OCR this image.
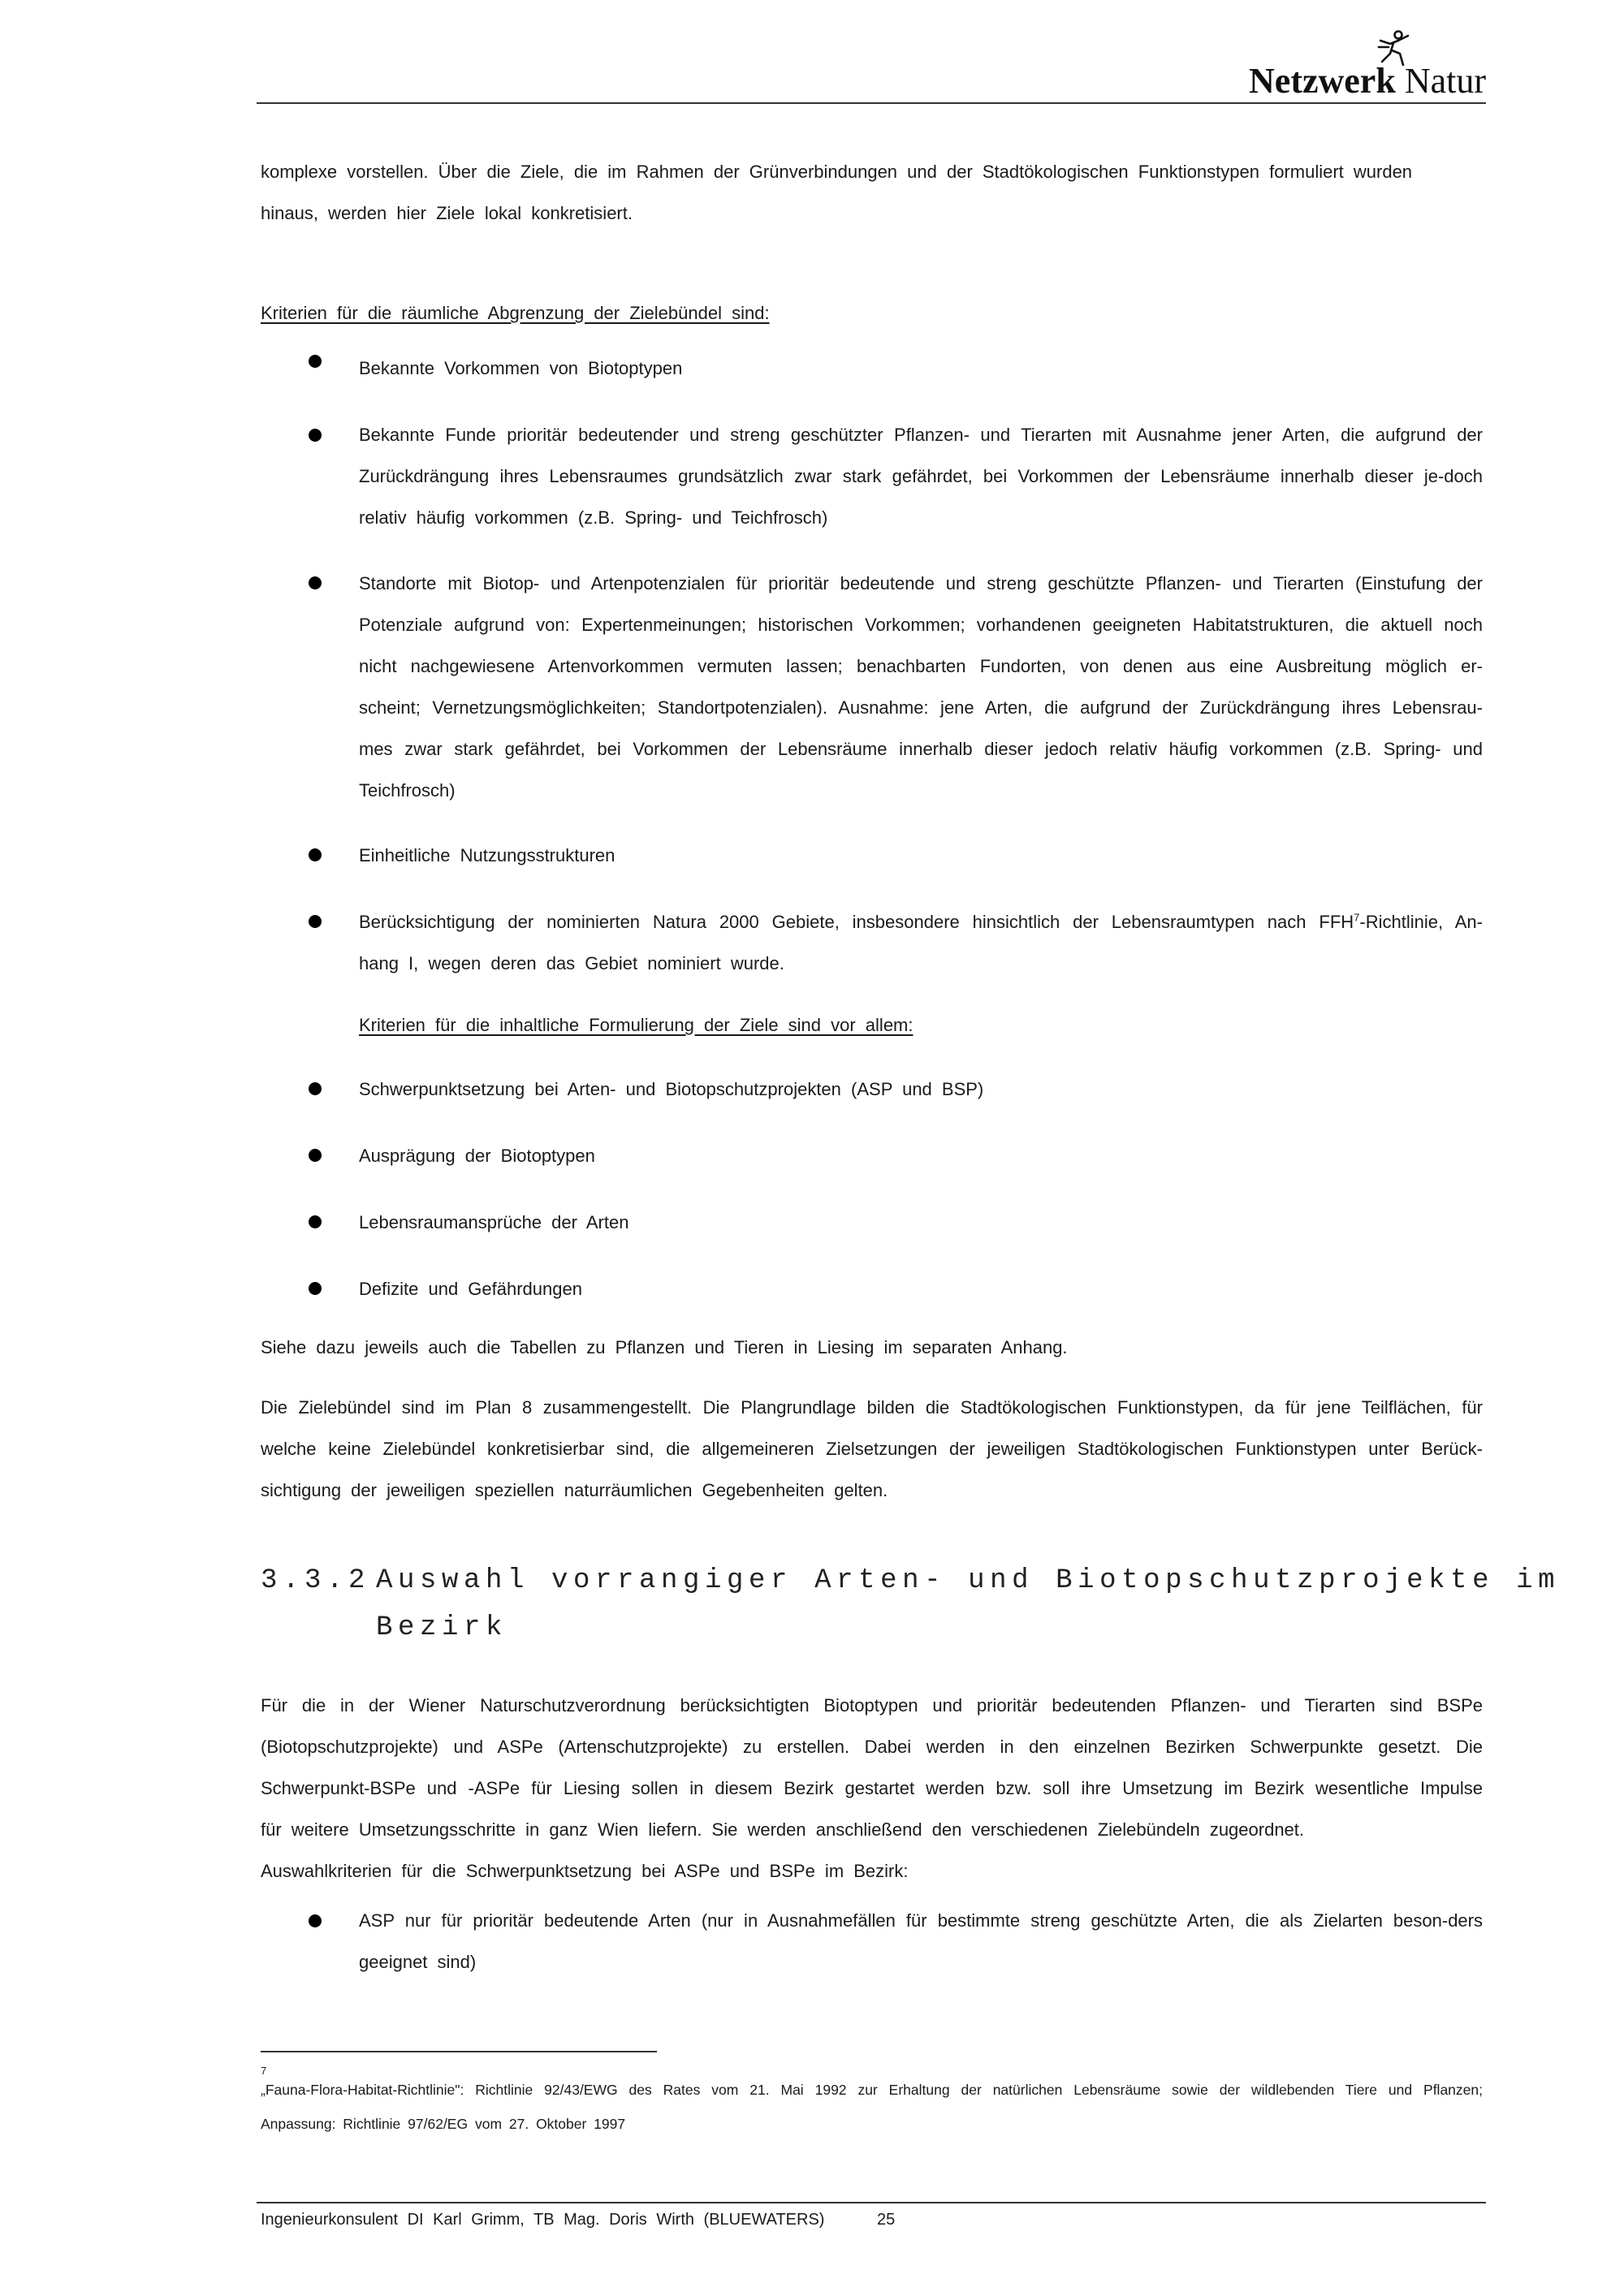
Netzwerk Natur
komplexe vorstellen. Über die Ziele, die im Rahmen der Grünverbindungen und der Stadtökologischen Funktionstypen formuliert wurden
hinaus, werden hier Ziele lokal konkretisiert.
Kriterien für die räumliche Abgrenzung der Zielebündel sind:
Bekannte Vorkommen von Biotoptypen
Bekannte Funde prioritär bedeutender und streng geschützter Pflanzen- und Tierarten mit Ausnahme jener Arten, die aufgrund der Zurückdrängung ihres Lebensraumes grundsätzlich zwar stark gefährdet, bei Vorkommen der Lebensräume innerhalb dieser je-doch relativ häufig vorkommen (z.B. Spring- und Teichfrosch)
Standorte mit Biotop- und Artenpotenzialen für prioritär bedeutende und streng geschützte Pflanzen- und Tierarten (Einstufung der Potenziale aufgrund von: Expertenmeinungen; historischen Vorkommen; vorhandenen geeigneten Habitatstrukturen, die aktuell noch nicht nachgewiesene Artenvorkommen vermuten lassen; benachbarten Fundorten, von denen aus eine Ausbreitung möglich er-scheint; Vernetzungsmöglichkeiten; Standortpotenzialen). Ausnahme: jene Arten, die aufgrund der Zurückdrängung ihres Lebensrau-mes zwar stark gefährdet, bei Vorkommen der Lebensräume innerhalb dieser jedoch relativ häufig vorkommen (z.B. Spring- und Teichfrosch)
Einheitliche Nutzungsstrukturen
Berücksichtigung der nominierten Natura 2000 Gebiete, insbesondere hinsichtlich der Lebensraumtypen nach FFH$^7$-Richtlinie, An-hang I, wegen deren das Gebiet nominiert wurde.
Kriterien für die inhaltliche Formulierung der Ziele sind vor allem:
Schwerpunktsetzung bei Arten- und Biotopschutzprojekten (ASP und BSP)
Ausprägung der Biotoptypen
Lebensraumansprüche der Arten
Defizite und Gefährdungen
Siehe dazu jeweils auch die Tabellen zu Pflanzen und Tieren in Liesing im separaten Anhang.
Die Zielebündel sind im Plan 8 zusammengestellt. Die Plangrundlage bilden die Stadtökologischen Funktionstypen, da für jene Teilflächen, für welche keine Zielebündel konkretisierbar sind, die allgemeineren Zielsetzungen der jeweiligen Stadtökologischen Funktionstypen unter Berück-sichtigung der jeweiligen speziellen naturräumlichen Gegebenheiten gelten.
3.3.2 Auswahl vorrangiger Arten- und Biotopschutzprojekte im
Bezirk
Für die in der Wiener Naturschutzverordnung berücksichtigten Biotoptypen und prioritär bedeutenden Pflanzen- und Tierarten sind BSPe (Biotopschutzprojekte) und ASPe (Artenschutzprojekte) zu erstellen. Dabei werden in den einzelnen Bezirken Schwerpunkte gesetzt. Die Schwerpunkt-BSPe und -ASPe für Liesing sollen in diesem Bezirk gestartet werden bzw. soll ihre Umsetzung im Bezirk wesentliche Impulse für weitere Umsetzungsschritte in ganz Wien liefern. Sie werden anschließend den verschiedenen Zielebündeln zugeordnet.
Auswahlkriterien für die Schwerpunktsetzung bei ASPe und BSPe im Bezirk:
ASP nur für prioritär bedeutende Arten (nur in Ausnahmefällen für bestimmte streng geschützte Arten, die als Zielarten beson-ders geeignet sind)
7
„Fauna-Flora-Habitat-Richtlinie": Richtlinie 92/43/EWG des Rates vom 21. Mai 1992 zur Erhaltung der natürlichen Lebensräume sowie der wildlebenden Tiere und Pflanzen; Anpassung: Richtlinie 97/62/EG vom 27. Oktober 1997
Ingenieurkonsulent DI Karl Grimm, TB Mag. Doris Wirth (BLUEWATERS)	25
